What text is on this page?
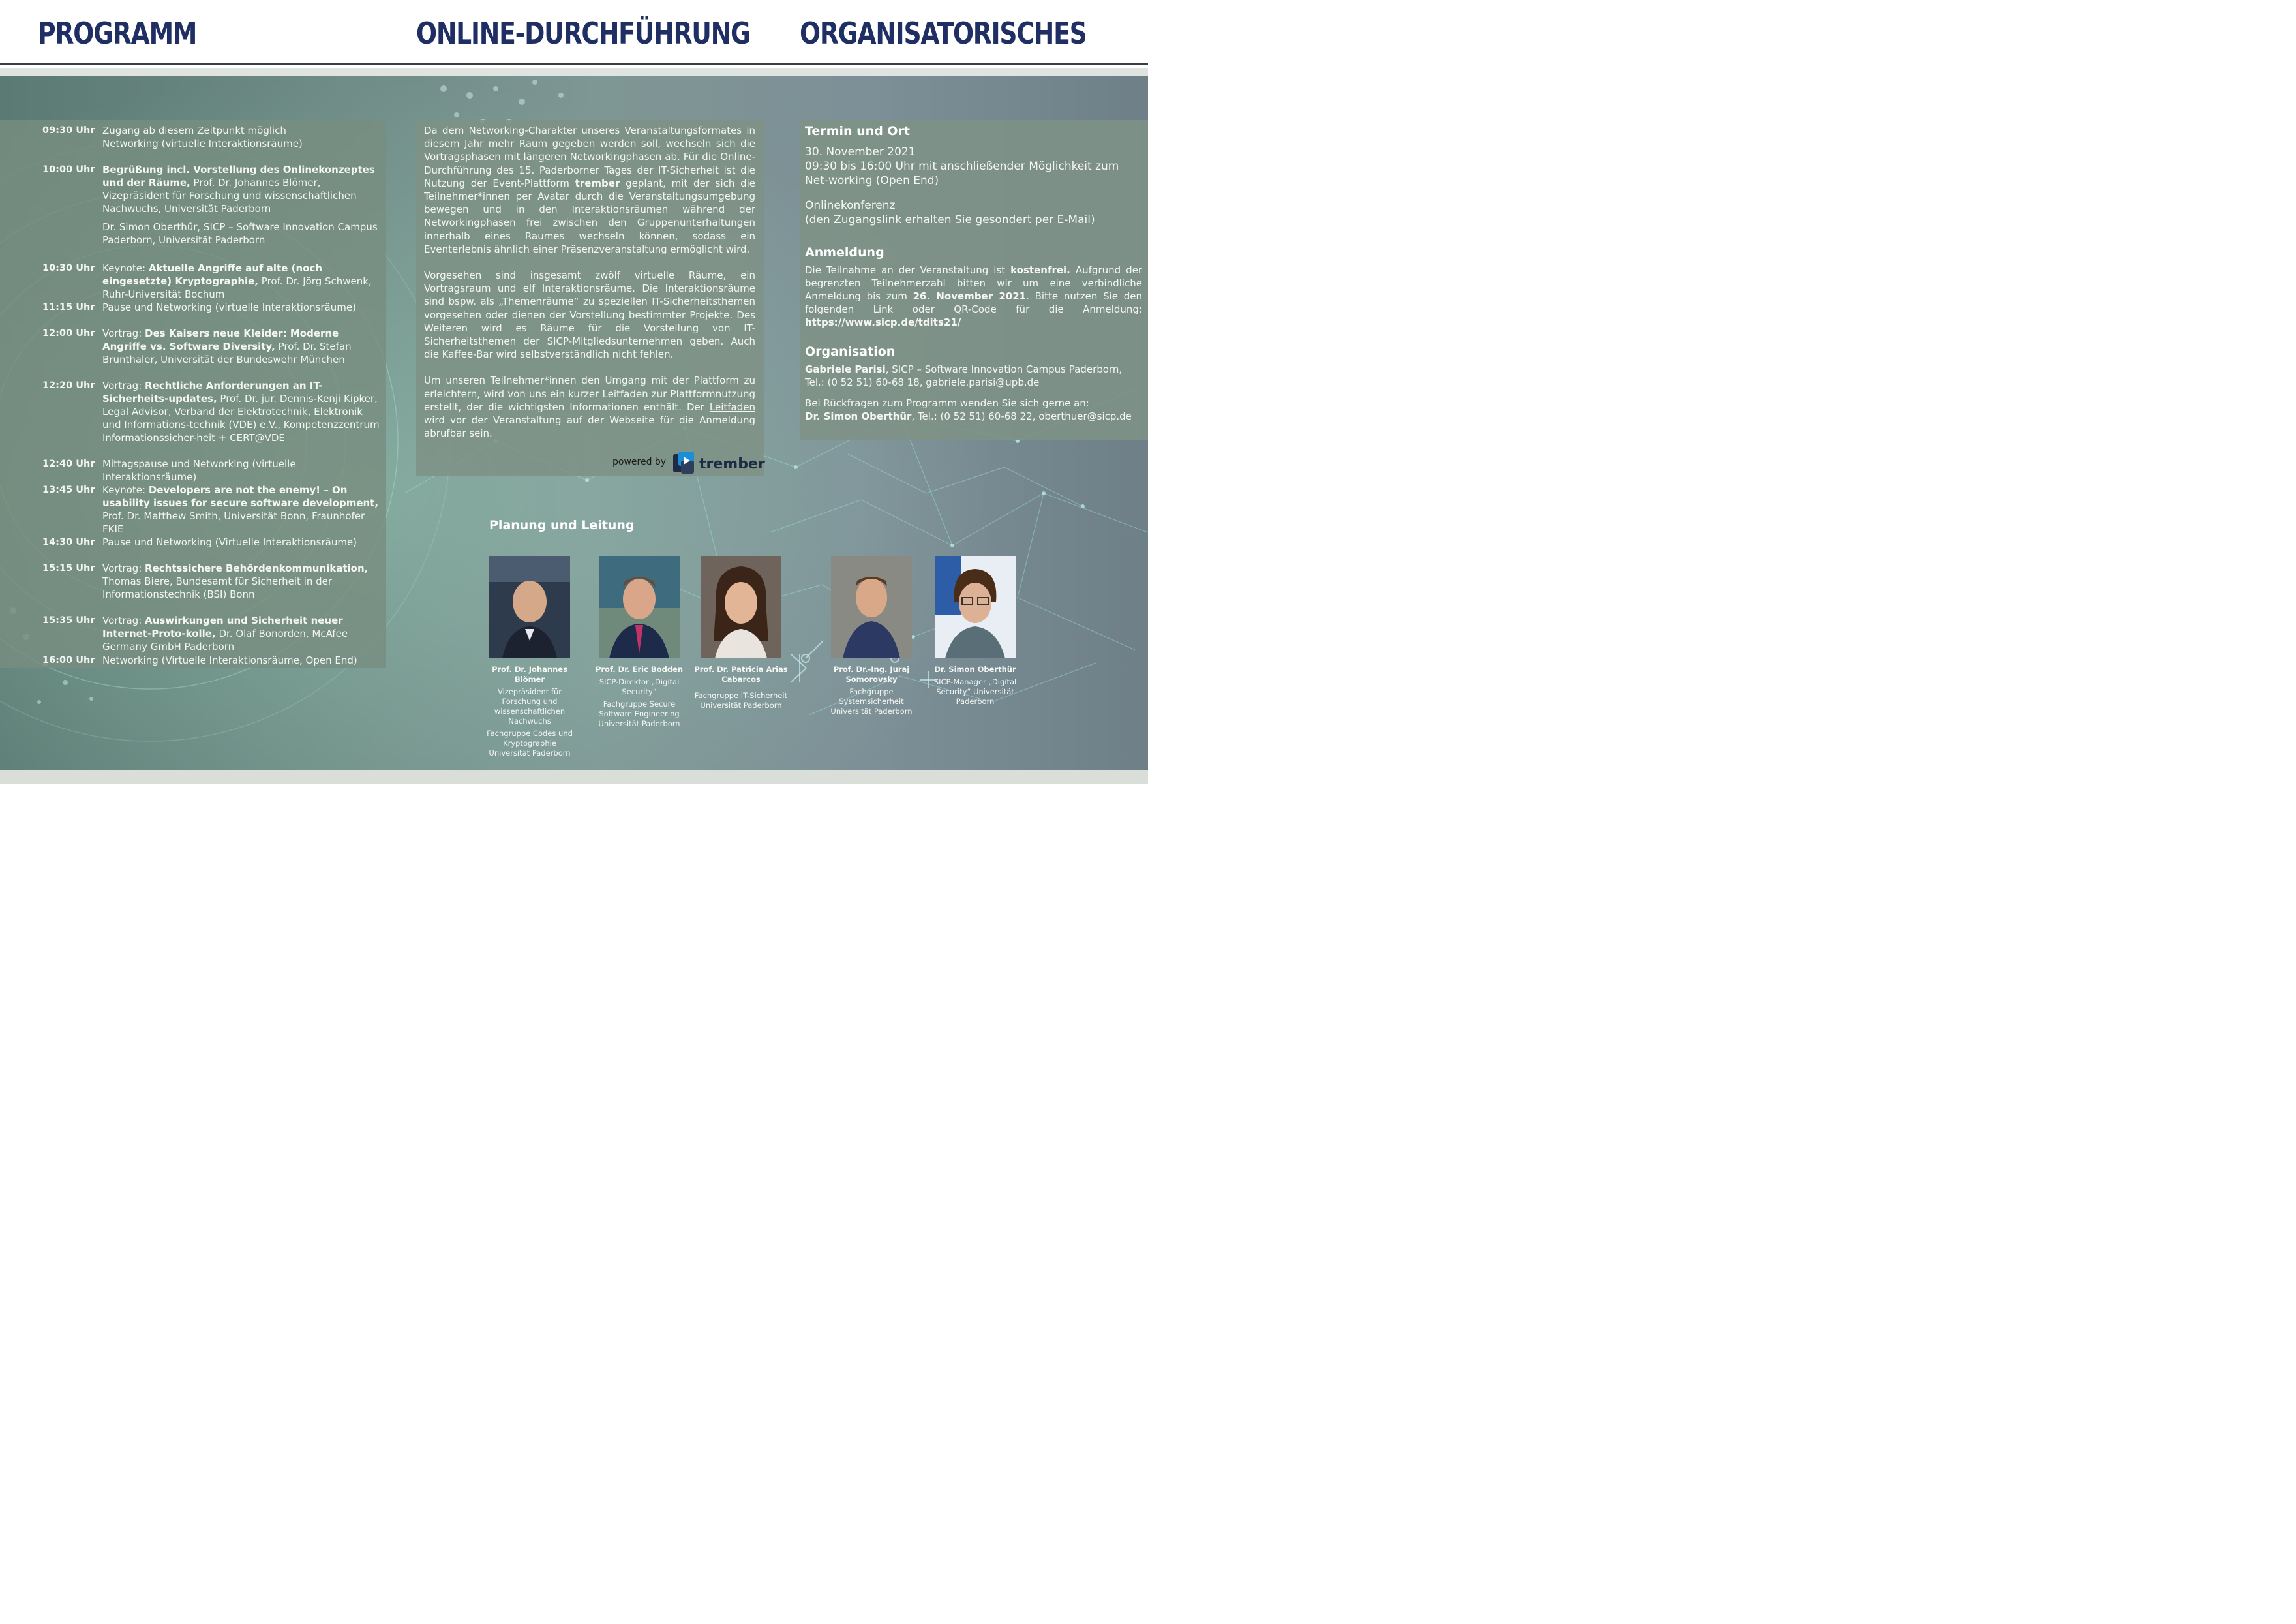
PROGRAMM	ONLINE-DURCHFÜHRUNG ORGANISATORISCHES
09:30 Uhr Zugang ab diesem Zeitpunkt möglich
Networking (virtuelle Interaktionsräume)
10:00 Uhr Begrüßung incl. Vorstellung des Onlinekonzeptes und der Räume, Prof. Dr. Johannes Blömer, Vizepräsident für Forschung und wissenschaftlichen Nachwuchs, Universität Paderborn
Dr. Simon Oberthür, SICP – Software Innovation Campus Paderborn, Universität Paderborn
10:30 Uhr Keynote: Aktuelle Angriffe auf alte (noch eingesetzte) Kryptographie, Prof. Dr. Jörg Schwenk, Ruhr-Universität Bochum
11:15 Uhr Pause und Networking (virtuelle Interaktionsräume)
12:00 Uhr Vortrag: Des Kaisers neue Kleider: Moderne Angriffe vs. Software Diversity, Prof. Dr. Stefan Brunthaler, Universität der Bundeswehr München
12:20 Uhr Vortrag: Rechtliche Anforderungen an IT-Sicherheits-updates, Prof. Dr. jur. Dennis-Kenji Kipker, Legal Advisor, Verband der Elektrotechnik, Elektronik und Informations-technik (VDE) e.V., Kompetenzzentrum Informationssicher-heit + CERT@VDE
12:40 Uhr Mittagspause und Networking (virtuelle Interaktionsräume)
13:45 Uhr Keynote: Developers are not the enemy! – On usability issues for secure software development, Prof. Dr. Matthew Smith, Universität Bonn, Fraunhofer FKIE
14:30 Uhr Pause und Networking (Virtuelle Interaktionsräume)
15:15 Uhr Vortrag: Rechtssichere Behördenkommunikation, Thomas Biere, Bundesamt für Sicherheit in der Informationstechnik (BSI) Bonn
15:35 Uhr Vortrag: Auswirkungen und Sicherheit neuer Internet-Proto-kolle, Dr. Olaf Bonorden, McAfee Germany GmbH Paderborn
16:00 Uhr Networking (Virtuelle Interaktionsräume, Open End)

Da dem Networking-Charakter unseres Veranstaltungsformates in diesem Jahr mehr Raum gegeben werden soll, wechseln sich die Vortragsphasen mit längeren Networkingphasen ab. Für die Online-Durchführung des 15. Paderborner Tages der IT-Sicherheit ist die Nutzung der Event-Plattform trember geplant, mit der sich die Teilnehmer*innen per Avatar durch die Veranstaltungsumgebung bewegen und in den Interaktionsräumen während der Networkingphasen frei zwischen den Gruppenunterhaltungen innerhalb eines Raumes wechseln können, sodass ein Eventerlebnis ähnlich einer Präsenzveranstaltung ermöglicht wird.

Vorgesehen sind insgesamt zwölf virtuelle Räume, ein Vortragsraum und elf Interaktionsräume. Die Interaktionsräume sind bspw. als „Themenräume“ zu speziellen IT-Sicherheitsthemen vorgesehen oder dienen der Vorstellung bestimmter Projekte. Des Weiteren wird es Räume für die Vorstellung von IT-Sicherheitsthemen der SICP-Mitgliedsunternehmen geben. Auch die Kaffee-Bar wird selbstverständlich nicht fehlen.

Um unseren Teilnehmer*innen den Umgang mit der Plattform zu erleichtern, wird von uns ein kurzer Leitfaden zur Plattformnutzung erstellt, der die wichtigsten Informationen enthält. Der Leitfaden wird vor der Veranstaltung auf der Webseite für die Anmeldung abrufbar sein.

powered by trember
Termin und Ort
30. November 2021
09:30 bis 16:00 Uhr mit anschließender Möglichkeit zum Net-working (Open End)
Onlinekonferenz
(den Zugangslink erhalten Sie gesondert per E-Mail)
Anmeldung
Die Teilnahme an der Veranstaltung ist kostenfrei. Aufgrund der begrenzten Teilnehmerzahl bitten wir um eine verbindliche Anmeldung bis zum 26. November 2021. Bitte nutzen Sie den folgenden Link oder QR-Code für die Anmeldung: https://www.sicp.de/tdits21/
Organisation
Gabriele Parisi, SICP – Software Innovation Campus Paderborn,
Tel.: (0 52 51) 60-68 18, gabriele.parisi@upb.de
Bei Rückfragen zum Programm wenden Sie sich gerne an:
Dr. Simon Oberthür, Tel.: (0 52 51) 60-68 22, oberthuer@sicp.de
Planung und Leitung
Prof. Dr. Johannes Blömer
Vizepräsident für Forschung und wissenschaftlichen Nachwuchs
Fachgruppe Codes und Kryptographie Universität Paderborn
Prof. Dr. Eric Bodden
SICP-Direktor „Digital Security“
Fachgruppe Secure Software Engineering Universität Paderborn
Prof. Dr. Patricia Arias Cabarcos
Fachgruppe IT-Sicherheit Universität Paderborn
Prof. Dr.-Ing. Juraj Somorovsky
Fachgruppe Systemsicherheit Universität Paderborn
Dr. Simon Oberthür
SICP-Manager „Digital Security“ Universität Paderborn
